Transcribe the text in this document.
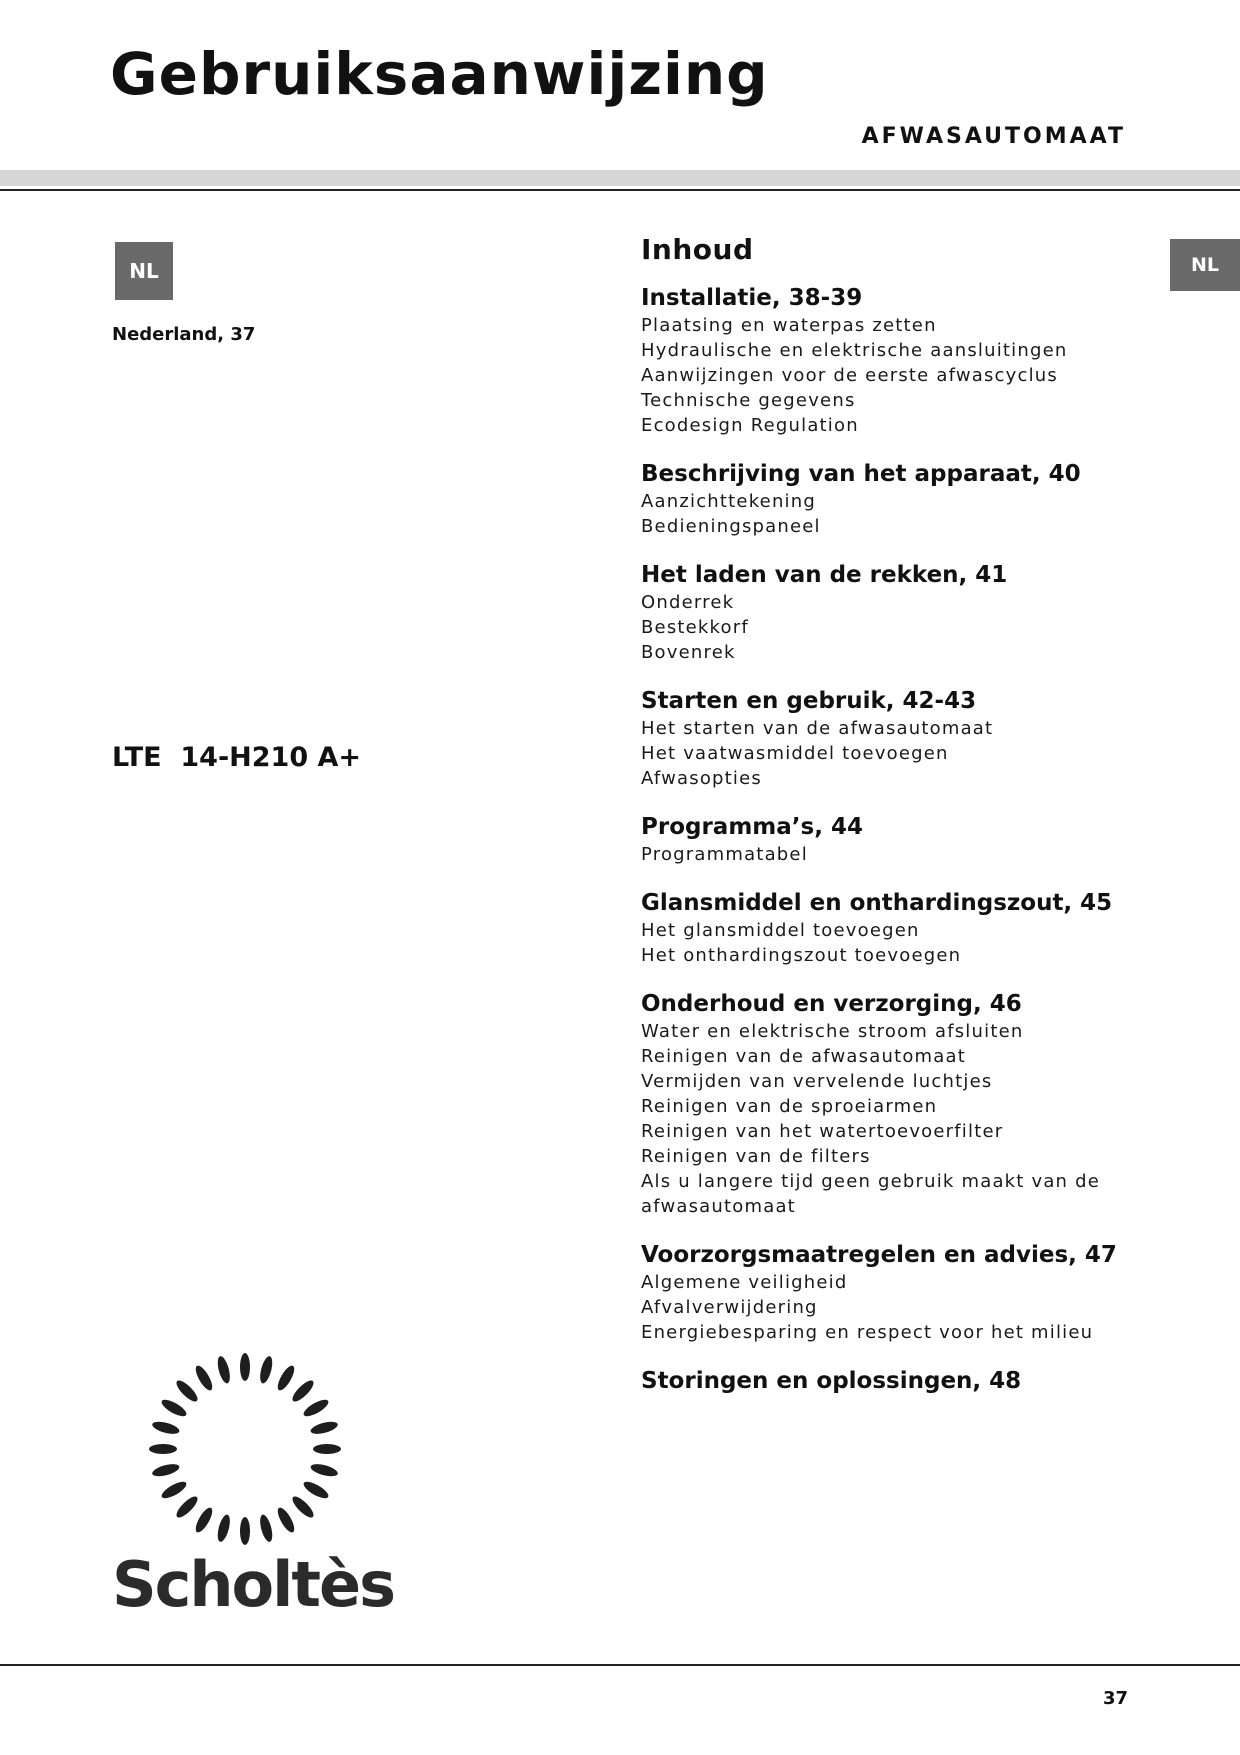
Gebruiksaanwijzing
AFWASAUTOMAAT
NL
Nederland, 37
LTE  14-H210 A+
NL
Inhoud
Installatie, 38-39
Plaatsing en waterpas zetten
Hydraulische en elektrische aansluitingen
Aanwijzingen voor de eerste afwascyclus
Technische gegevens
Ecodesign Regulation
Beschrijving van het apparaat, 40
Aanzichttekening
Bedieningspaneel
Het laden van de rekken, 41
Onderrek
Bestekkorf
Bovenrek
Starten en gebruik, 42-43
Het starten van de afwasautomaat
Het vaatwasmiddel toevoegen
Afwasopties
Programma’s, 44
Programmatabel
Glansmiddel en onthardingszout, 45
Het glansmiddel toevoegen
Het onthardingszout toevoegen
Onderhoud en verzorging, 46
Water en elektrische stroom afsluiten
Reinigen van de afwasautomaat
Vermijden van vervelende luchtjes
Reinigen van de sproeiarmen
Reinigen van het watertoevoerfilter
Reinigen van de filters
Als u langere tijd geen gebruik maakt van de
afwasautomaat
Voorzorgsmaatregelen en advies, 47
Algemene veiligheid
Afvalverwijdering
Energiebesparing en respect voor het milieu
Storingen en oplossingen, 48
Scholtès
37
